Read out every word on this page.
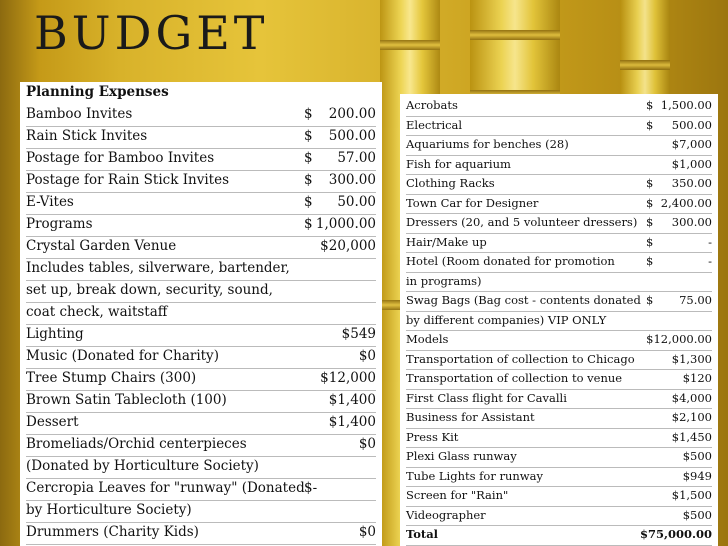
BUDGET
Planning Expenses
Bamboo Invites	$ 200.00
Rain Stick Invites	$ 500.00
Postage for Bamboo Invites	$ 57.00
Postage for Rain Stick Invites	$ 300.00
E-Vites	$ 50.00
Programs	$ 1,000.00
Crystal Garden Venue	$20,000
Includes tables, silverware, bartender,
set up, break down, security, sound,
coat check, waitstaff
Lighting	$549
Music (Donated for Charity)	$0
Tree Stump Chairs (300)	$12,000
Brown Satin Tablecloth (100)	$1,400
Dessert	$1,400
Bromeliads/Orchid centerpieces	$0
(Donated by Horticulture Society)
Cercropia Leaves for "runway" (Donated $-
by Horticulture Society)
Drummers (Charity Kids)	$0
Acrobats	$ 1,500.00
Electrical	$ 500.00
Aquariums for benches (28)	$7,000
Fish for aquarium	$1,000
Clothing Racks	$ 350.00
Town Car for Designer	$ 2,400.00
Dressers (20, and 5 volunteer dressers) $ 300.00
Hair/Make up	$	-
Hotel (Room donated for promotion	$	-
in programs)
Swag Bags (Bag cost - contents donated $ 75.00
by different companies) VIP ONLY
Models	$12,000.00
Transportation of collection to Chicago	$1,300
Transportation of collection to venue	$120
First Class flight for Cavalli	$4,000
Business for Assistant	$2,100
Press Kit	$1,450
Plexi Glass runway	$500
Tube Lights for runway	$949
Screen for "Rain"	$1,500
Videographer	$500
Total	$75,000.00
